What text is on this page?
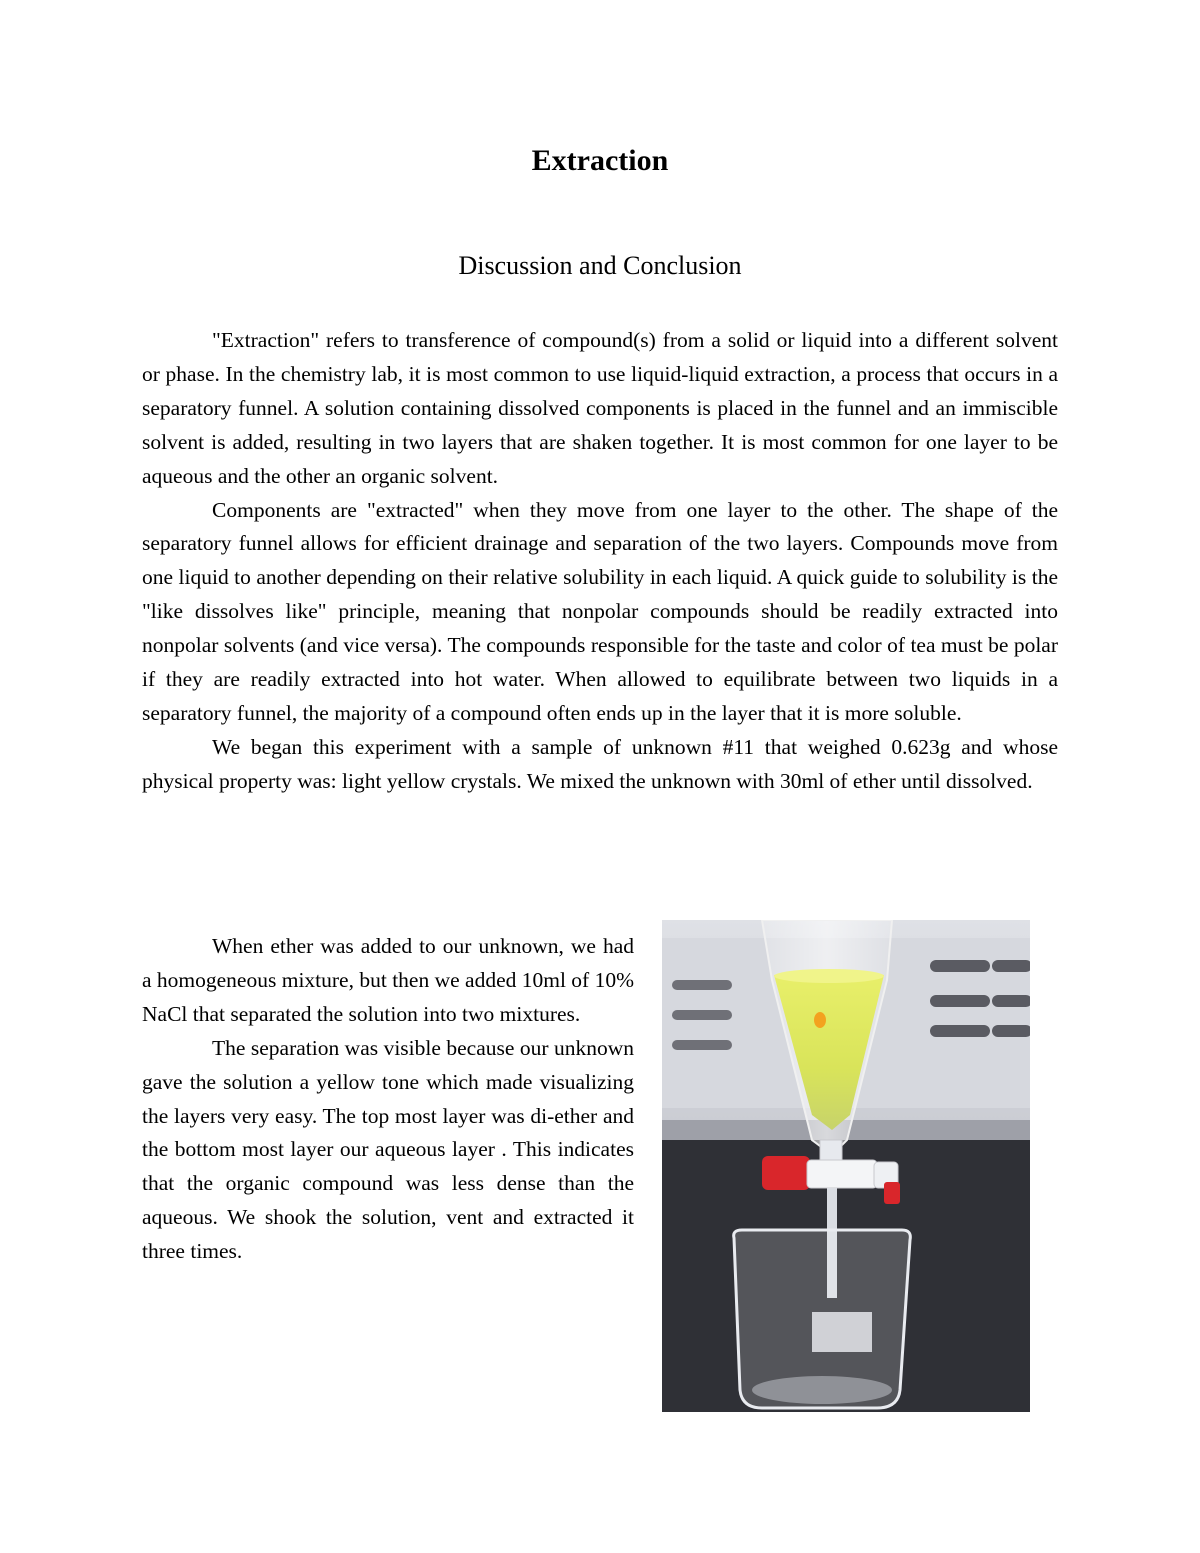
Extraction
Discussion and Conclusion

"Extraction" refers to transference of compound(s) from a solid or liquid into a different solvent or phase. In the chemistry lab, it is most common to use liquid-liquid extraction, a process that occurs in a separatory funnel. A solution containing dissolved components is placed in the funnel and an immiscible solvent is added, resulting in two layers that are shaken together. It is most common for one layer to be aqueous and the other an organic solvent.

Components are "extracted" when they move from one layer to the other. The shape of the separatory funnel allows for efficient drainage and separation of the two layers. Compounds move from one liquid to another depending on their relative solubility in each liquid. A quick guide to solubility is the "like dissolves like" principle, meaning that nonpolar compounds should be readily extracted into nonpolar solvents (and vice versa). The compounds responsible for the taste and color of tea must be polar if they are readily extracted into hot water. When allowed to equilibrate between two liquids in a separatory funnel, the majority of a compound often ends up in the layer that it is more soluble.

We began this experiment with a sample of unknown #11 that weighed 0.623g and whose physical property was: light yellow crystals. We mixed the unknown with 30ml of ether until dissolved.

When ether was added to our unknown, we had a homogeneous mixture, but then we added 10ml of 10% NaCl that separated the solution into two mixtures.

The separation was visible because our unknown gave the solution a yellow tone which made visualizing the layers very easy. The top most layer was di-ether and the bottom most layer our aqueous layer . This indicates that the organic compound was less dense than the aqueous. We shook the solution, vent and extracted it three times.
